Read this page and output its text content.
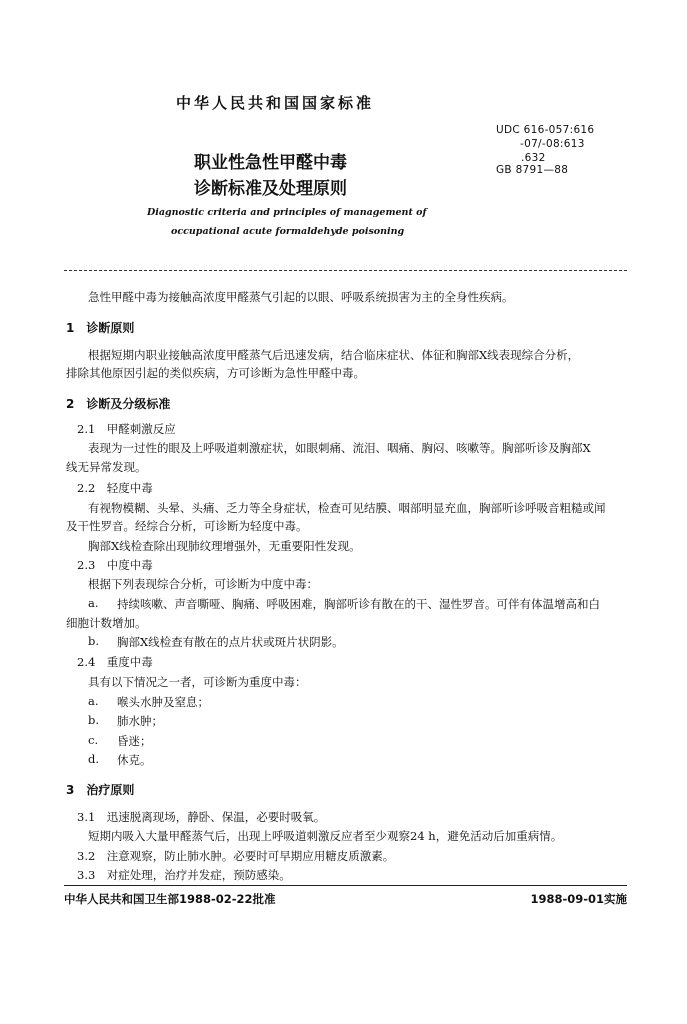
中华人民共和国国家标准
职业性急性甲醛中毒
诊断标准及处理原则
UDC 616-057:616
-07/-08:613
.632
GB 8791—88
Diagnostic criteria and principles of management of
occupational acute formaldehyde poisoning
急性甲醛中毒为接触高浓度甲醛蒸气引起的以眼、呼吸系统损害为主的全身性疾病。
1　诊断原则
根据短期内职业接触高浓度甲醛蒸气后迅速发病，结合临床症状、体征和胸部X线表现综合分析，
排除其他原因引起的类似疾病，方可诊断为急性甲醛中毒。
2　诊断及分级标准
2.1　甲醛刺激反应
表现为一过性的眼及上呼吸道刺激症状，如眼刺痛、流泪、咽痛、胸闷、咳嗽等。胸部听诊及胸部X
线无异常发现。
2.2　轻度中毒
有视物模糊、头晕、头痛、乏力等全身症状，检查可见结膜、咽部明显充血，胸部听诊呼吸音粗糙或闻
及干性罗音。经综合分析，可诊断为轻度中毒。
胸部X线检查除出现肺纹理增强外，无重要阳性发现。
2.3　中度中毒
根据下列表现综合分析，可诊断为中度中毒：
a. 持续咳嗽、声音嘶哑、胸痛、呼吸困难，胸部听诊有散在的干、湿性罗音。可伴有体温增高和白
细胞计数增加。
b. 胸部X线检查有散在的点片状或斑片状阴影。
2.4　重度中毒
具有以下情况之一者，可诊断为重度中毒：
a. 喉头水肿及窒息；
b. 肺水肿；
c. 昏迷；
d. 休克。
3　治疗原则
3.1　迅速脱离现场，静卧、保温，必要时吸氧。
短期内吸入大量甲醛蒸气后，出现上呼吸道刺激反应者至少观察24 h，避免活动后加重病情。
3.2　注意观察，防止肺水肿。必要时可早期应用糖皮质激素。
3.3　对症处理，治疗并发症，预防感染。
中华人民共和国卫生部1988-02-22批准	1988-09-01实施
